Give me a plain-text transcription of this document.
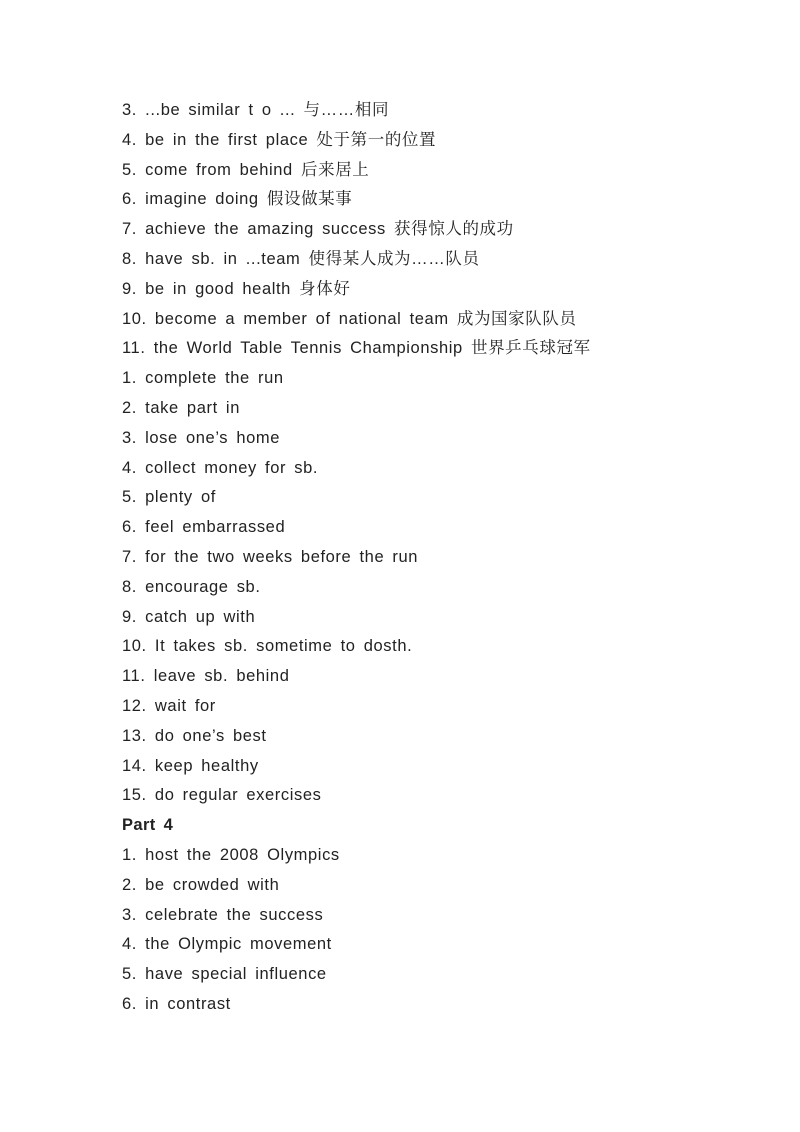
3. ...be similar t o ... 与……相同
4. be in the first place 处于第一的位置
5. come from behind 后来居上
6. imagine doing 假设做某事
7. achieve the amazing success 获得惊人的成功
8. have sb. in ...team 使得某人成为……队员
9. be in good health 身体好
10. become a member of national team 成为国家队队员
11. the World Table Tennis Championship 世界乒乓球冠军
1. complete the run
2. take part in
3. lose one’s home
4. collect money for sb.
5. plenty of
6. feel embarrassed
7. for the two weeks before the run
8. encourage sb.
9. catch up with
10. It takes sb. sometime to dosth.
11. leave sb. behind
12. wait for
13. do one’s best
14. keep healthy
15. do regular exercises
Part 4
1. host the 2008 Olympics
2. be crowded with
3. celebrate the success
4. the Olympic movement
5. have special influence
6. in contrast
